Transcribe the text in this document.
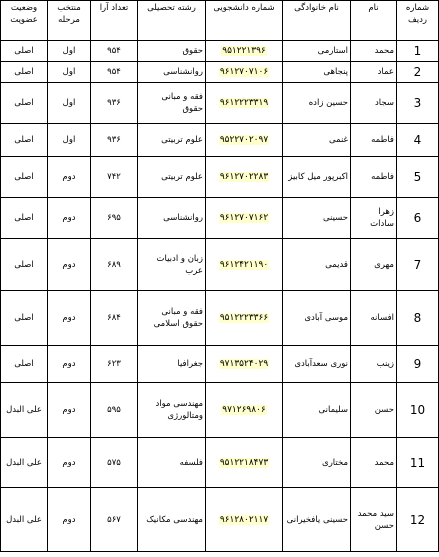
شماره ردیف	نام	نام خانوادگی	شماره دانشجویی	رشته تحصیلی	تعداد آرا	منتخب مرحله	وضعیت عضویت
1	محمد	استارمی	۹۵۱۲۲۱۳۹۶	حقوق	۹۵۴	اول	اصلی
2	عماد	پنجاهی	۹۶۱۲۷۰۷۱۰۶	روانشناسی	۹۵۴	اول	اصلی
3	سجاد	حسین زاده	۹۶۱۲۲۲۳۳۱۹	فقه و مبانی حقوق	۹۳۶	اول	اصلی
4	فاطمه	غنمی	۹۵۲۲۷۰۲۰۹۷	علوم تربیتی	۹۳۶	اول	اصلی
5	فاطمه	اکبرپور میل کابیز	۹۶۱۲۷۰۲۲۸۳	علوم تربیتی	۷۴۲	دوم	اصلی
6	زهرا سادات	حسینی	۹۶۱۲۷۰۷۱۶۲	روانشناسی	۶۹۵	دوم	اصلی
7	مهری	قدیمی	۹۶۱۲۴۲۱۱۹۰	زبان و ادبیات عرب	۶۸۹	دوم	اصلی
8	افسانه	موسی آبادی	۹۵۱۲۲۲۳۳۶۶	فقه و مبانی حقوق اسلامی	۶۸۴	دوم	اصلی
9	زینب	نوری سعدآبادی	۹۷۱۳۵۲۴۰۲۹	جغرافیا	۶۲۳	دوم	اصلی
10	حسن	سلیمانی	۹۷۱۲۶۹۸۰۶	مهندسی مواد ومتالورژی	۵۹۵	دوم	علی البدل
11	محمد	مختاری	۹۵۱۲۲۱۸۴۷۳	فلسفه	۵۷۵	دوم	علی البدل
12	سید محمد حسن	حسینی یافخیرانی	۹۶۱۲۸۰۲۱۱۷	مهندسی مکانیک	۵۶۷	دوم	علی البدل
